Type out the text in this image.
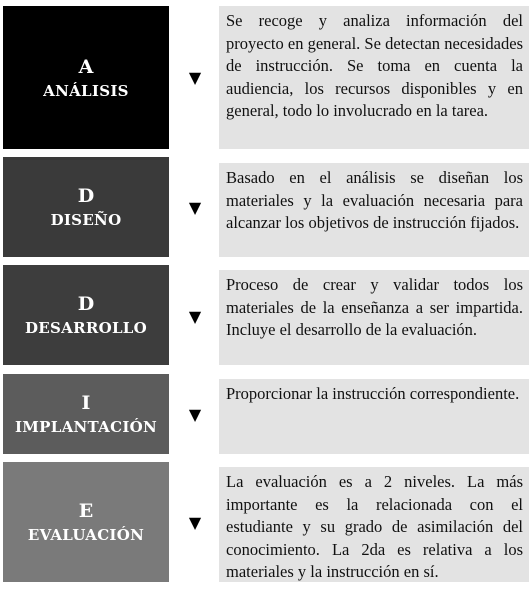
A
ANÁLISIS
▼
Se recoge y analiza información del proyecto en general. Se detectan necesidades de instrucción. Se toma en cuenta la audiencia, los recursos disponibles y en general, todo lo involucrado en la tarea.
D
DISEÑO
▼
Basado en el análisis se diseñan los materiales y la evaluación necesaria para alcanzar los objetivos de instrucción fijados.
D
DESARROLLO
▼
Proceso de crear y validar todos los materiales de la enseñanza a ser impartida. Incluye el desarrollo de la evaluación.
I
IMPLANTACIÓN
▼
Proporcionar la instrucción correspondiente.
E
EVALUACIÓN
▼
La evaluación es a 2 niveles. La más importante es la relacionada con el estudiante y su grado de asimilación del conocimiento. La 2da es relativa a los materiales y la instrucción en sí.
